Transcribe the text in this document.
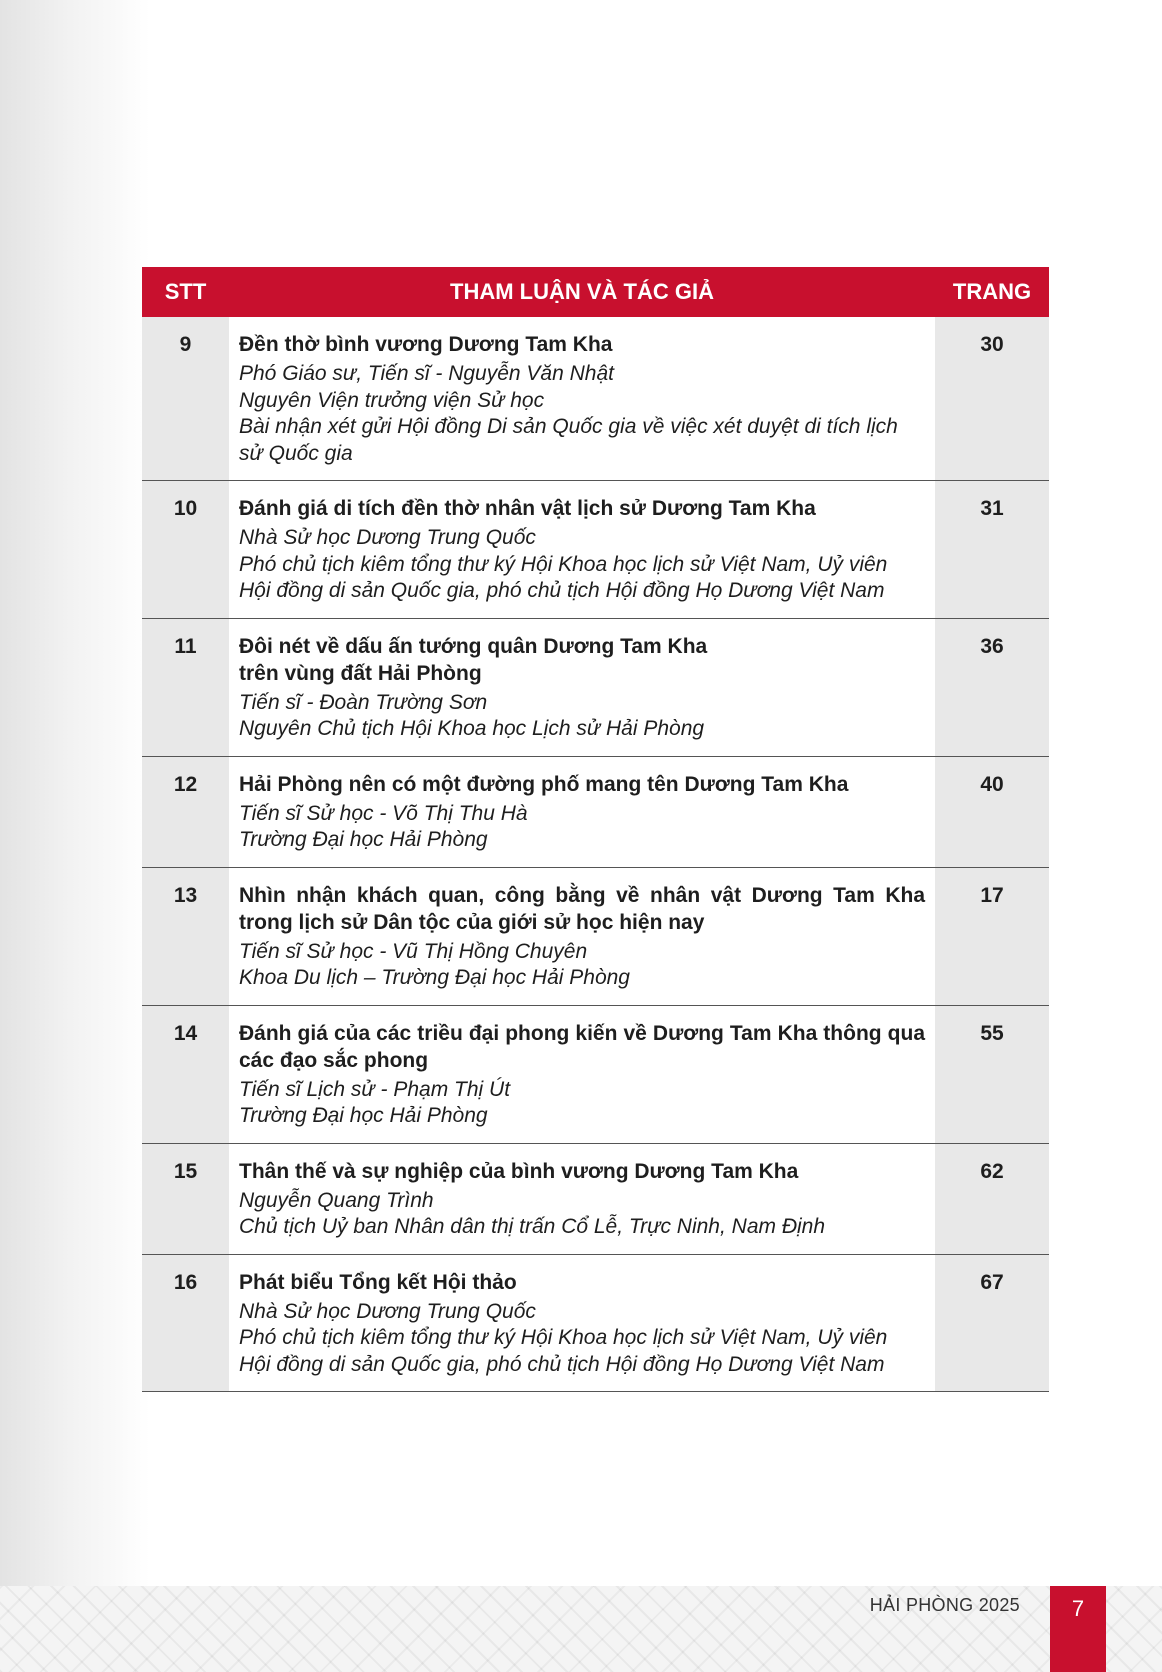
STT	THAM LUẬN VÀ TÁC GIẢ	TRANG
9	Đền thờ bình vương Dương Tam Kha
Phó Giáo sư, Tiến sĩ - Nguyễn Văn Nhật
Nguyên Viện trưởng viện Sử học
Bài nhận xét gửi Hội đồng Di sản Quốc gia về việc xét duyệt di tích lịch
sử Quốc gia	30
10	Đánh giá di tích đền thờ nhân vật lịch sử Dương Tam Kha
Nhà Sử học Dương Trung Quốc
Phó chủ tịch kiêm tổng thư ký Hội Khoa học lịch sử Việt Nam, Uỷ viên
Hội đồng di sản Quốc gia, phó chủ tịch Hội đồng Họ Dương Việt Nam	31
11	Đôi nét về dấu ấn tướng quân Dương Tam Kha
trên vùng đất Hải Phòng
Tiến sĩ - Đoàn Trường Sơn
Nguyên Chủ tịch Hội Khoa học Lịch sử Hải Phòng	36
12	Hải Phòng nên có một đường phố mang tên Dương Tam Kha
Tiến sĩ Sử học - Võ Thị Thu Hà
Trường Đại học Hải Phòng	40
13	Nhìn nhận khách quan, công bằng về nhân vật Dương Tam Kha trong lịch sử Dân tộc của giới sử học hiện nay
Tiến sĩ Sử học - Vũ Thị Hồng Chuyên
Khoa Du lịch – Trường Đại học Hải Phòng	17
14	Đánh giá của các triều đại phong kiến về Dương Tam Kha thông qua các đạo sắc phong
Tiến sĩ Lịch sử - Phạm Thị Út
Trường Đại học Hải Phòng	55
15	Thân thế và sự nghiệp của bình vương Dương Tam Kha
Nguyễn Quang Trình
Chủ tịch Uỷ ban Nhân dân thị trấn Cổ Lễ, Trực Ninh, Nam Định	62
16	Phát biểu Tổng kết Hội thảo
Nhà Sử học Dương Trung Quốc
Phó chủ tịch kiêm tổng thư ký Hội Khoa học lịch sử Việt Nam, Uỷ viên
Hội đồng di sản Quốc gia, phó chủ tịch Hội đồng Họ Dương Việt Nam	67
HẢI PHÒNG 2025	7
